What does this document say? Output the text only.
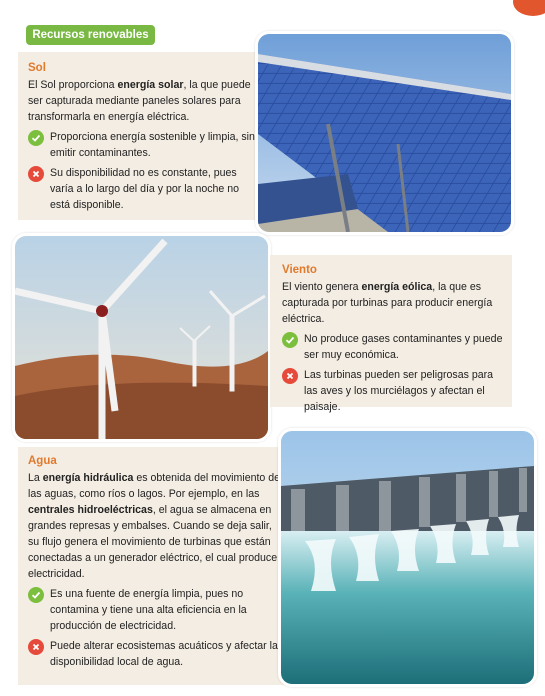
Recursos renovables

Sol

El Sol proporciona energía solar, la que puede ser capturada mediante paneles solares para transformarla en energía eléctrica.

Proporciona energía sostenible y limpia, sin emitir contaminantes.
Su disponibilidad no es constante, pues varía a lo largo del día y por la noche no está disponible.

Viento

El viento genera energía eólica, la que es capturada por turbinas para producir energía eléctrica.

No produce gases contaminantes y puede ser muy económica.
Las turbinas pueden ser peligrosas para las aves y los murciélagos y afectan el paisaje.

Agua

La energía hidráulica es obtenida del movimiento de las aguas, como ríos o lagos. Por ejemplo, en las centrales hidroeléctricas, el agua se almacena en grandes represas y embalses. Cuando se deja salir, su flujo genera el movimiento de turbinas que están conectadas a un generador eléctrico, el cual produce electricidad.

Es una fuente de energía limpia, pues no contamina y tiene una alta eficiencia en la producción de electricidad.
Puede alterar ecosistemas acuáticos y afectar la disponibilidad local de agua.
